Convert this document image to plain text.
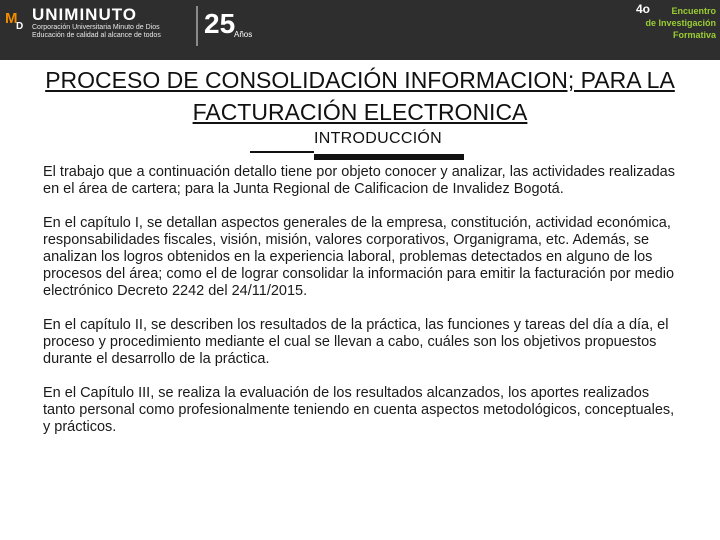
M
D
UNIMINUTO
Corporación Universitaria Minuto de Dios
Educación de calidad al alcance de todos 25
Años
4o Encuentro
de Investigación
Formativa
PROCESO DE CONSOLIDACIÓN INFORMACION; PARA LA FACTURACIÓN ELECTRONICA
INTRODUCCIÓN

El trabajo que a continuación detallo tiene por objeto conocer y analizar, las actividades realizadas en el área de cartera; para la Junta Regional de Calificacion de Invalidez Bogotá.

En el capítulo I, se detallan aspectos generales de la empresa, constitución, actividad económica, responsabilidades fiscales, visión, misión, valores corporativos, Organigrama, etc. Además, se analizan los logros obtenidos en la experiencia laboral, problemas detectados en alguno de los procesos del área; como el de lograr consolidar la información para emitir la facturación por medio electrónico Decreto 2242 del 24/11/2015.

En el capítulo II, se describen los resultados de la práctica, las funciones y tareas del día a día, el proceso y procedimiento mediante el cual se llevan a cabo, cuáles son los objetivos propuestos durante el desarrollo de la práctica.

En el Capítulo III, se realiza la evaluación de los resultados alcanzados, los aportes realizados tanto personal como profesionalmente teniendo en cuenta aspectos metodológicos, conceptuales, y prácticos.
